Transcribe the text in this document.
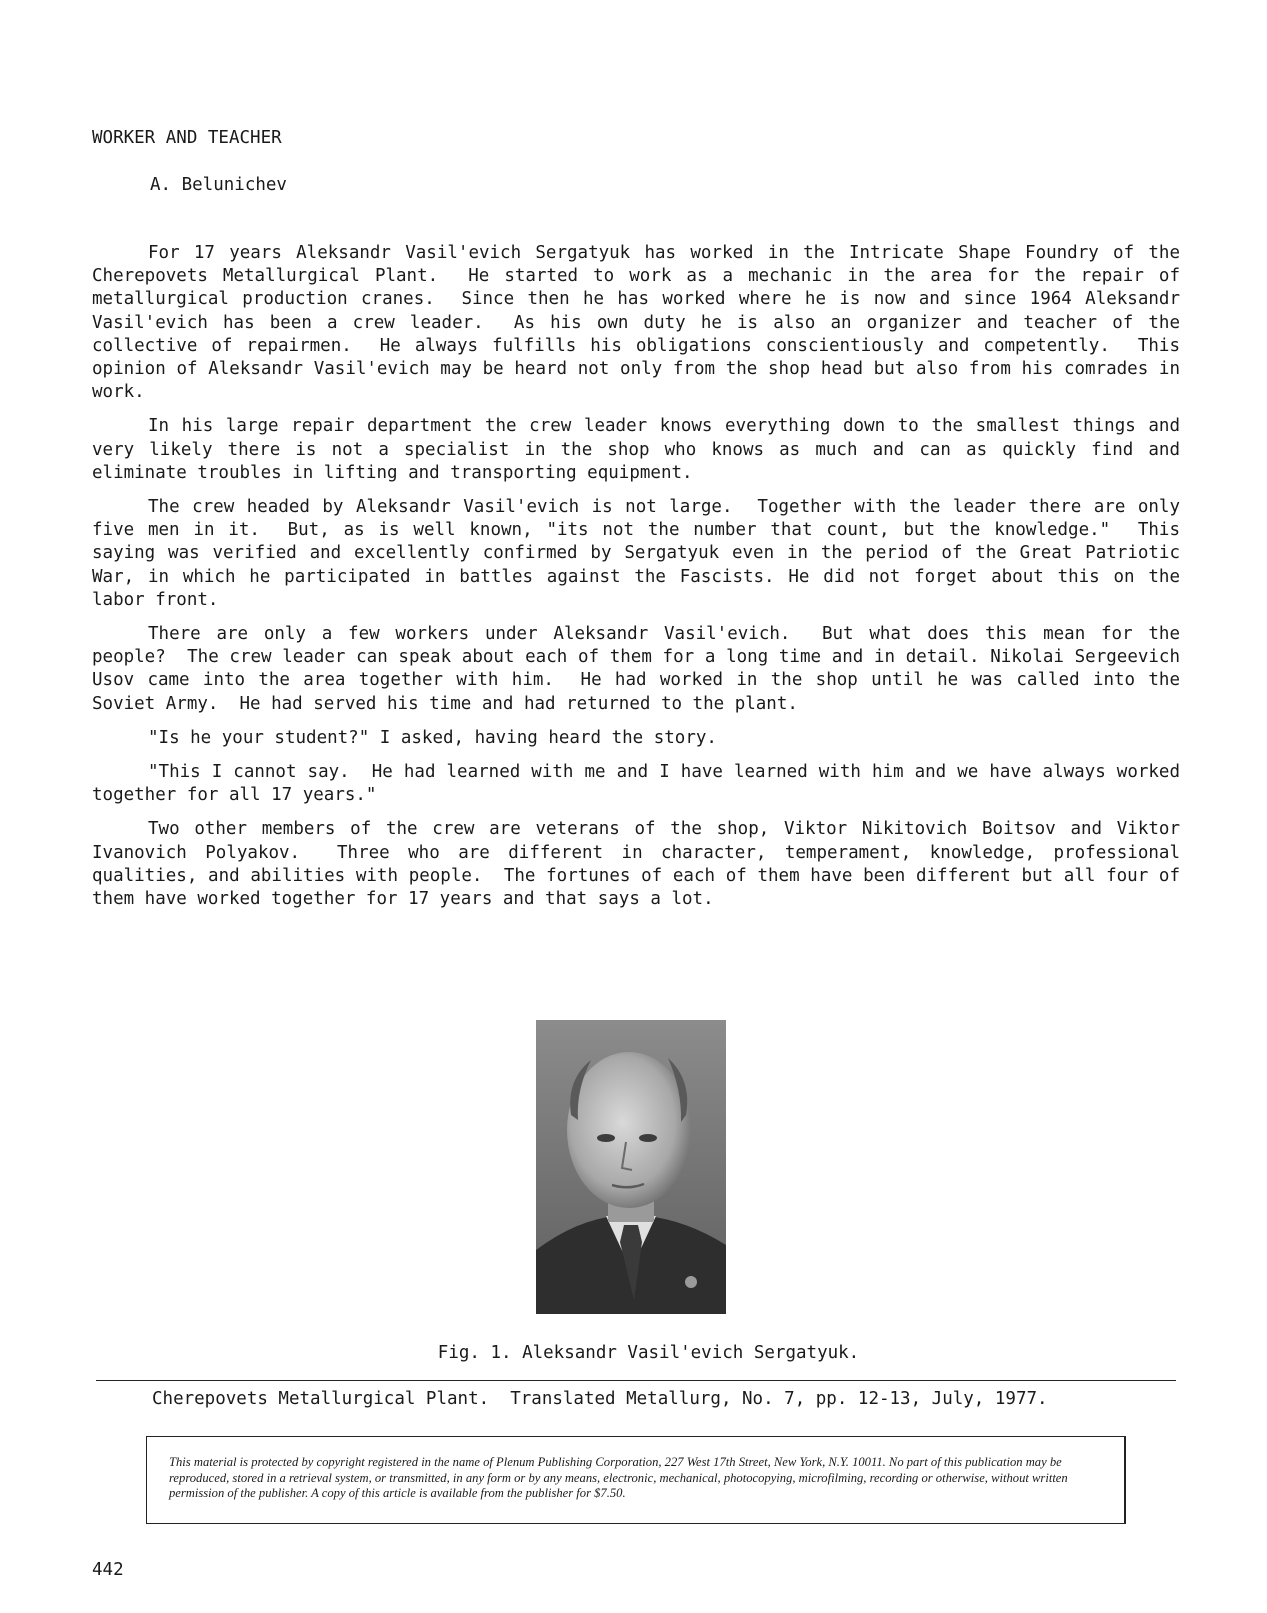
WORKER AND TEACHER
A. Belunichev

For 17 years Aleksandr Vasil'evich Sergatyuk has worked in the Intricate Shape Foundry of the Cherepovets Metallurgical Plant.  He started to work as a mechanic in the area for the repair of metallurgical production cranes.  Since then he has worked where he is now and since 1964 Aleksandr Vasil'evich has been a crew leader.  As his own duty he is also an organizer and teacher of the collective of repairmen.  He always fulfills his obligations conscientiously and competently.  This opinion of Aleksandr Vasil'evich may be heard not only from the shop head but also from his comrades in work.

In his large repair department the crew leader knows everything down to the smallest things and very likely there is not a specialist in the shop who knows as much and can as quickly find and eliminate troubles in lifting and transporting equipment.

The crew headed by Aleksandr Vasil'evich is not large.  Together with the leader there are only five men in it.  But, as is well known, "its not the number that count, but the knowledge."  This saying was verified and excellently confirmed by Sergatyuk even in the period of the Great Patriotic War, in which he participated in battles against the Fascists. He did not forget about this on the labor front.

There are only a few workers under Aleksandr Vasil'evich.  But what does this mean for the people?  The crew leader can speak about each of them for a long time and in detail. Nikolai Sergeevich Usov came into the area together with him.  He had worked in the shop until he was called into the Soviet Army.  He had served his time and had returned to the plant.

"Is he your student?" I asked, having heard the story.

"This I cannot say.  He had learned with me and I have learned with him and we have always worked together for all 17 years."

Two other members of the crew are veterans of the shop, Viktor Nikitovich Boitsov and Viktor Ivanovich Polyakov.  Three who are different in character, temperament, knowledge, professional qualities, and abilities with people.  The fortunes of each of them have been different but all four of them have worked together for 17 years and that says a lot.

Fig. 1. Aleksandr Vasil'evich Sergatyuk.
Cherepovets Metallurgical Plant.  Translated Metallurg, No. 7, pp. 12-13, July, 1977.

This material is protected by copyright registered in the name of Plenum Publishing Corporation, 227 West 17th Street, New York, N.Y. 10011. No part of this publication may be reproduced, stored in a retrieval system, or transmitted, in any form or by any means, electronic, mechanical, photocopying, microfilming, recording or otherwise, without written permission of the publisher. A copy of this article is available from the publisher for $7.50.

442
